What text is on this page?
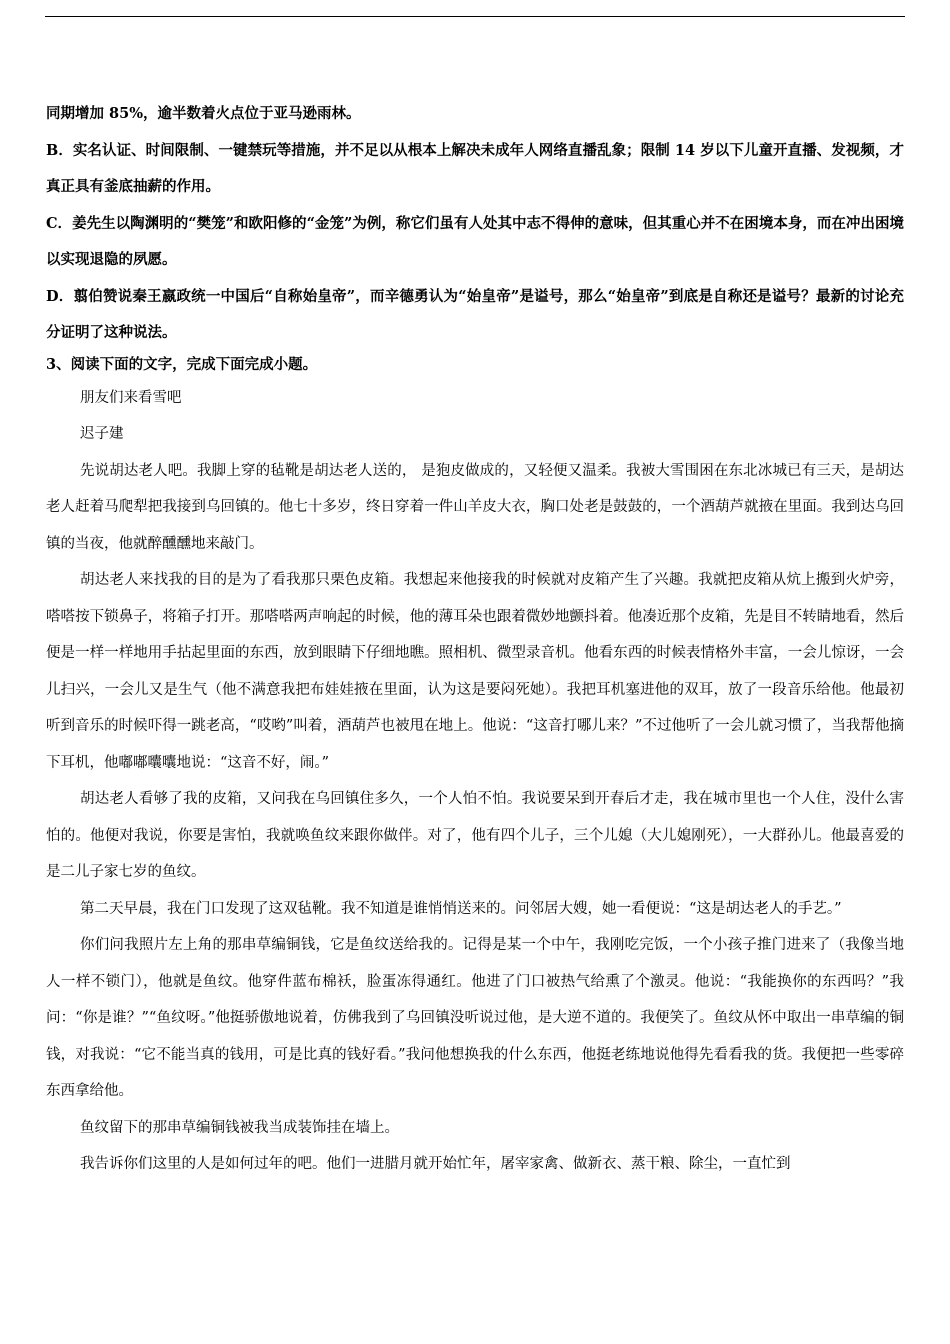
同期增加 85%，逾半数着火点位于亚马逊雨林。

B．实名认证、时间限制、一键禁玩等措施，并不足以从根本上解决未成年人网络直播乱象；限制 14 岁以下儿童开直播、发视频，才真正具有釜底抽薪的作用。

C．姜先生以陶渊明的“樊笼”和欧阳修的“金笼”为例，称它们虽有人处其中志不得伸的意味，但其重心并不在困境本身，而在冲出困境以实现退隐的夙愿。

D．翦伯赞说秦王嬴政统一中国后“自称始皇帝”，而辛德勇认为“始皇帝”是谥号，那么“始皇帝”到底是自称还是谥号？最新的讨论充分证明了这种说法。

3、阅读下面的文字，完成下面完成小题。

朋友们来看雪吧

迟子建

先说胡达老人吧。我脚上穿的毡靴是胡达老人送的， 是狍皮做成的，又轻便又温柔。我被大雪围困在东北冰城已有三天，是胡达老人赶着马爬犁把我接到乌回镇的。他七十多岁，终日穿着一件山羊皮大衣，胸口处老是鼓鼓的，一个酒葫芦就掖在里面。我到达乌回镇的当夜，他就醉醺醺地来敲门。

胡达老人来找我的目的是为了看我那只栗色皮箱。我想起来他接我的时候就对皮箱产生了兴趣。我就把皮箱从炕上搬到火炉旁，嗒嗒按下锁鼻子，将箱子打开。那嗒嗒两声响起的时候，他的薄耳朵也跟着微妙地颤抖着。他凑近那个皮箱，先是目不转睛地看，然后便是一样一样地用手拈起里面的东西，放到眼睛下仔细地瞧。照相机、微型录音机。他看东西的时候表情格外丰富，一会儿惊讶，一会儿扫兴，一会儿又是生气（他不满意我把布娃娃掖在里面，认为这是要闷死她）。我把耳机塞进他的双耳，放了一段音乐给他。他最初听到音乐的时候吓得一跳老高，“哎哟”叫着，酒葫芦也被甩在地上。他说：“这音打哪儿来？”不过他听了一会儿就习惯了，当我帮他摘下耳机，他嘟嘟囔囔地说：“这音不好，闹。”

胡达老人看够了我的皮箱，又问我在乌回镇住多久，一个人怕不怕。我说要呆到开春后才走，我在城市里也一个人住，没什么害怕的。他便对我说，你要是害怕，我就唤鱼纹来跟你做伴。对了，他有四个儿子，三个儿媳（大儿媳刚死），一大群孙儿。他最喜爱的是二儿子家七岁的鱼纹。

第二天早晨，我在门口发现了这双毡靴。我不知道是谁悄悄送来的。问邻居大嫂，她一看便说：“这是胡达老人的手艺。”

你们问我照片左上角的那串草编铜钱，它是鱼纹送给我的。记得是某一个中午，我刚吃完饭，一个小孩子推门进来了（我像当地人一样不锁门），他就是鱼纹。他穿件蓝布棉袄，脸蛋冻得通红。他进了门口被热气给熏了个激灵。他说：“我能换你的东西吗？”我问：“你是谁？”“鱼纹呀。”他挺骄傲地说着，仿佛我到了乌回镇没听说过他，是大逆不道的。我便笑了。鱼纹从怀中取出一串草编的铜钱，对我说：“它不能当真的钱用，可是比真的钱好看。”我问他想换我的什么东西，他挺老练地说他得先看看我的货。我便把一些零碎东西拿给他。

鱼纹留下的那串草编铜钱被我当成装饰挂在墙上。

我告诉你们这里的人是如何过年的吧。他们一进腊月就开始忙年，屠宰家禽、做新衣、蒸干粮、除尘，一直忙到
